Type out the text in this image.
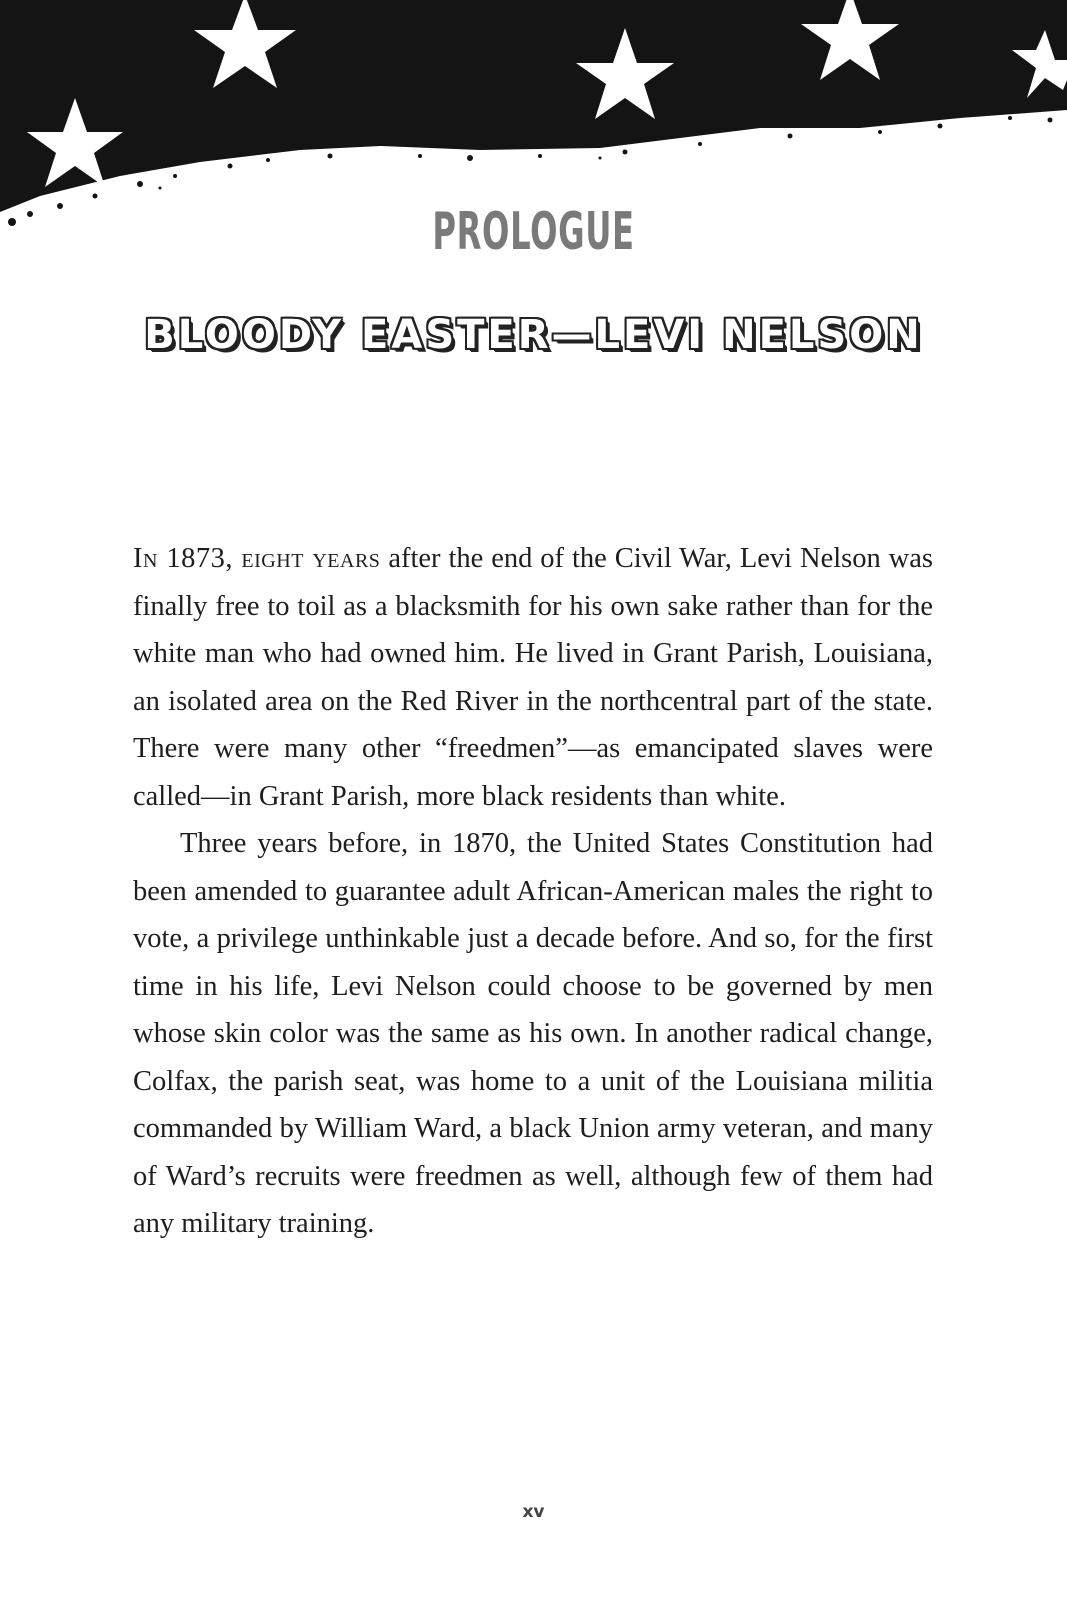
PROLOGUE
BLOODY EASTER—LEVI NELSON

In 1873, eight years after the end of the Civil War, Levi Nelson was finally free to toil as a blacksmith for his own sake rather than for the white man who had owned him. He lived in Grant Parish, Louisiana, an isolated area on the Red River in the northcentral part of the state. There were many other “freedmen”—as emancipated slaves were called—in Grant Parish, more black residents than white.

Three years before, in 1870, the United States Constitution had been amended to guarantee adult African-American males the right to vote, a privilege unthinkable just a decade before. And so, for the first time in his life, Levi Nelson could choose to be governed by men whose skin color was the same as his own. In another radical change, Colfax, the parish seat, was home to a unit of the Louisiana militia commanded by William Ward, a black Union army veteran, and many of Ward’s recruits were freedmen as well, although few of them had any military training.

xv
